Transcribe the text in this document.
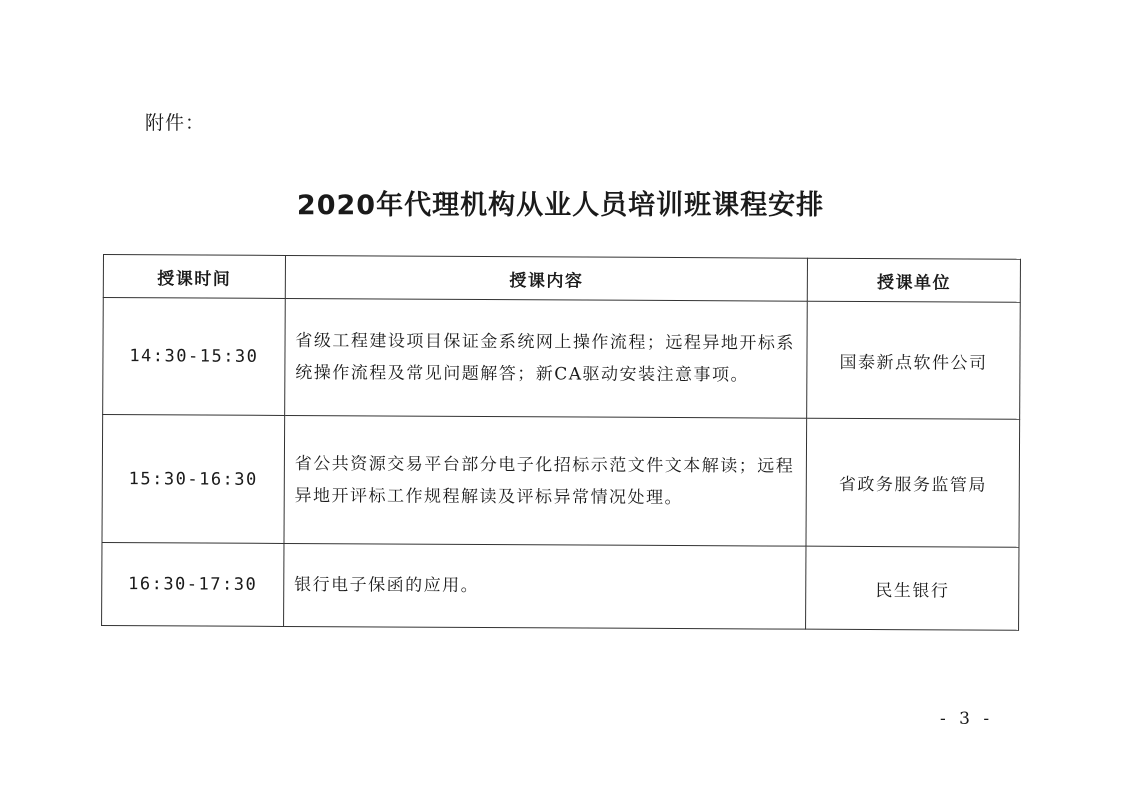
附件：
2020年代理机构从业人员培训班课程安排
授课时间	授课内容	授课单位
14:30-15:30	省级工程建设项目保证金系统网上操作流程；远程异地开标系统操作流程及常见问题解答；新CA驱动安装注意事项。	国泰新点软件公司
15:30-16:30	省公共资源交易平台部分电子化招标示范文件文本解读；远程异地开评标工作规程解读及评标异常情况处理。	省政务服务监管局
16:30-17:30	银行电子保函的应用。	民生银行
- 3 -
